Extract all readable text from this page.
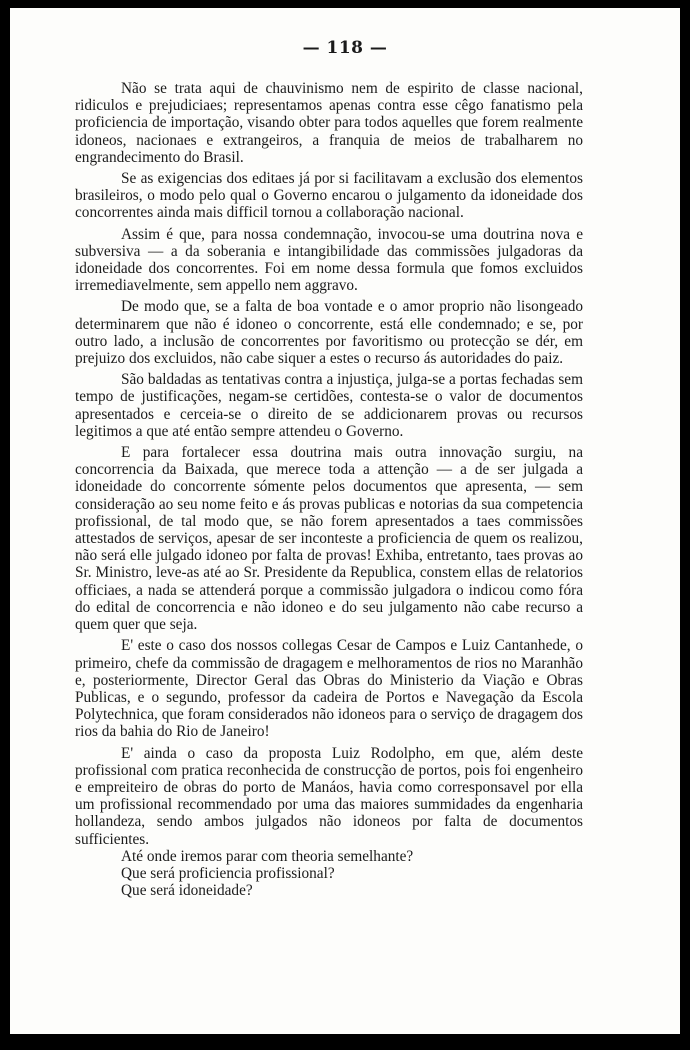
— 118 —

Não se trata aqui de chauvinismo nem de espirito de classe nacional, ridiculos e prejudiciaes; representamos apenas contra esse cêgo fanatismo pela proficiencia de importação, visando obter para todos aquelles que forem realmente idoneos, nacionaes e extrangeiros, a franquia de meios de trabalharem no engrandecimento do Brasil.

Se as exigencias dos editaes já por si facilitavam a exclusão dos elementos brasileiros, o modo pelo qual o Governo encarou o julgamento da idoneidade dos concorrentes ainda mais difficil tornou a collaboração nacional.

Assim é que, para nossa condemnação, invocou-se uma doutrina nova e subversiva — a da soberania e intangibilidade das commissões julgadoras da idoneidade dos concorrentes. Foi em nome dessa formula que fomos excluidos irremediavelmente, sem appello nem aggravo.

De modo que, se a falta de boa vontade e o amor proprio não lisongeado determinarem que não é idoneo o concorrente, está elle condemnado; e se, por outro lado, a inclusão de concorrentes por favoritismo ou protecção se dér, em prejuizo dos excluidos, não cabe siquer a estes o recurso ás autoridades do paiz.

São baldadas as tentativas contra a injustiça, julga-se a portas fechadas sem tempo de justificações, negam-se certidões, contesta-se o valor de documentos apresentados e cerceia-se o direito de se addicionarem provas ou recursos legitimos a que até então sempre attendeu o Governo.

E para fortalecer essa doutrina mais outra innovação surgiu, na concorrencia da Baixada, que merece toda a attenção — a de ser julgada a idoneidade do concorrente sómente pelos documentos que apresenta, — sem consideração ao seu nome feito e ás provas publicas e notorias da sua competencia profissional, de tal modo que, se não forem apresentados a taes commissões attestados de serviços, apesar de ser inconteste a proficiencia de quem os realizou, não será elle julgado idoneo por falta de provas! Exhiba, entretanto, taes provas ao Sr. Ministro, leve-as até ao Sr. Presidente da Republica, constem ellas de relatorios officiaes, a nada se attenderá porque a commissão julgadora o indicou como fóra do edital de concorrencia e não idoneo e do seu julgamento não cabe recurso a quem quer que seja.

E' este o caso dos nossos collegas Cesar de Campos e Luiz Cantanhede, o primeiro, chefe da commissão de dragagem e melhoramentos de rios no Maranhão e, posteriormente, Director Geral das Obras do Ministerio da Viação e Obras Publicas, e o segundo, professor da cadeira de Portos e Navegação da Escola Polytechnica, que foram considerados não idoneos para o serviço de dragagem dos rios da bahia do Rio de Janeiro!

E' ainda o caso da proposta Luiz Rodolpho, em que, além deste profissional com pratica reconhecida de construcção de portos, pois foi engenheiro e empreiteiro de obras do porto de Manáos, havia como corresponsavel por ella um profissional recommendado por uma das maiores summidades da engenharia hollandeza, sendo ambos julgados não idoneos por falta de documentos sufficientes.

Até onde iremos parar com theoria semelhante?

Que será proficiencia profissional?

Que será idoneidade?
